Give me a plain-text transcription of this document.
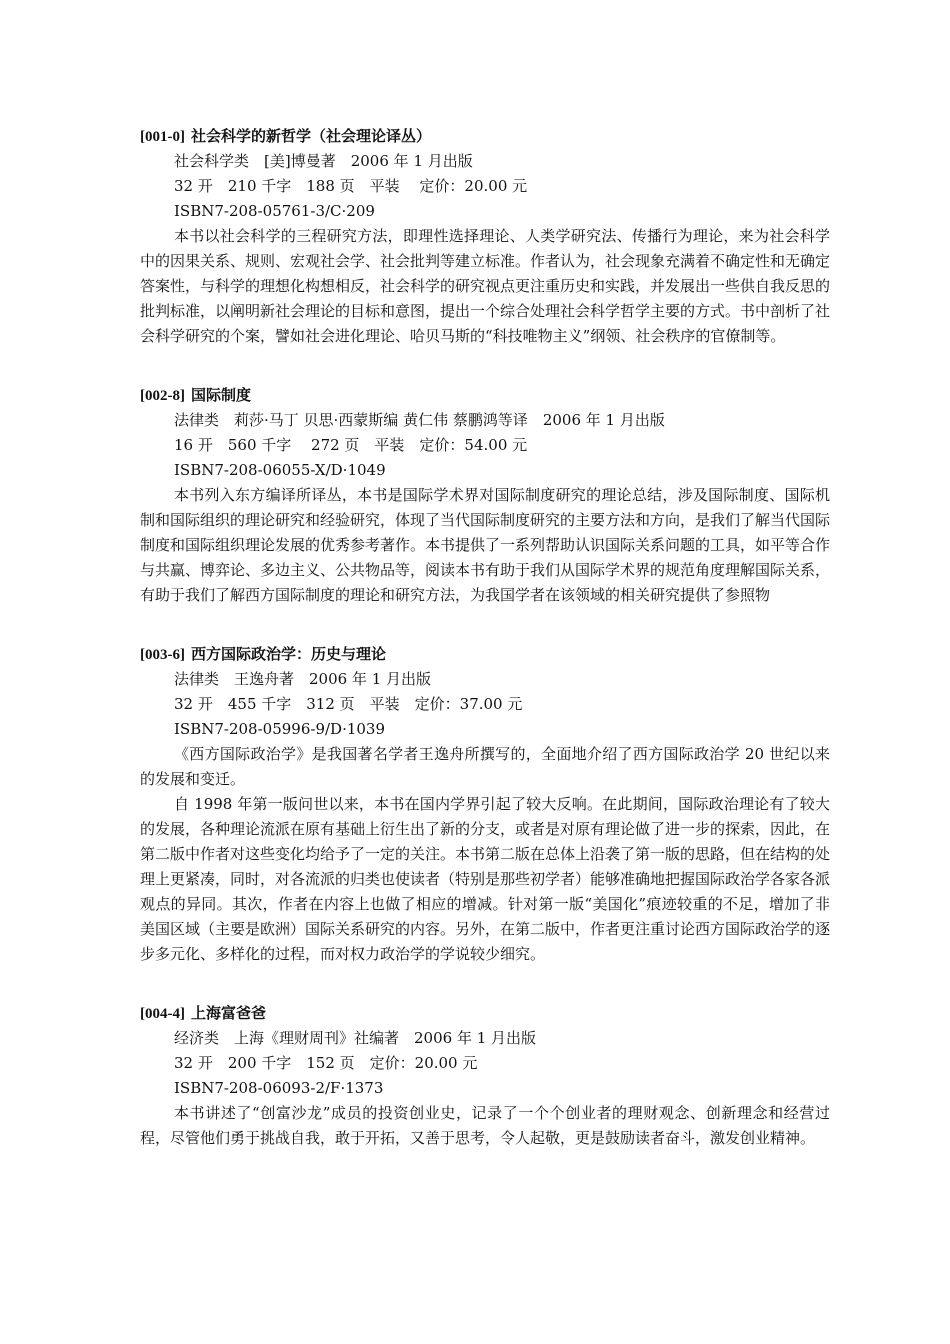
[001-0] 社会科学的新哲学（社会理论译丛）
社会科学类　[美]博曼著　2006 年 1 月出版
32 开　210 千字　188 页　平装　 定价：20.00 元
ISBN7-208-05761-3/C·209

本书以社会科学的三程研究方法，即理性选择理论、人类学研究法、传播行为理论，来为社会科学中的因果关系、规则、宏观社会学、社会批判等建立标准。作者认为，社会现象充满着不确定性和无确定答案性，与科学的理想化构想相反，社会科学的研究视点更注重历史和实践，并发展出一些供自我反思的批判标准，以阐明新社会理论的目标和意图，提出一个综合处理社会科学哲学主要的方式。书中剖析了社会科学研究的个案，譬如社会进化理论、哈贝马斯的“科技唯物主义”纲领、社会秩序的官僚制等。

[002-8] 国际制度
法律类　莉莎·马丁 贝思·西蒙斯编 黄仁伟 蔡鹏鸿等译　2006 年 1 月出版
16 开　560 千字　 272 页　平装　定价：54.00 元
ISBN7-208-06055-X/D·1049

本书列入东方编译所译丛，本书是国际学术界对国际制度研究的理论总结，涉及国际制度、国际机制和国际组织的理论研究和经验研究，体现了当代国际制度研究的主要方法和方向，是我们了解当代国际制度和国际组织理论发展的优秀参考著作。本书提供了一系列帮助认识国际关系问题的工具，如平等合作与共赢、博弈论、多边主义、公共物品等，阅读本书有助于我们从国际学术界的规范角度理解国际关系，有助于我们了解西方国际制度的理论和研究方法，为我国学者在该领域的相关研究提供了参照物

[003-6] 西方国际政治学：历史与理论
法律类　王逸舟著　2006 年 1 月出版
32 开　455 千字　312 页　平装　定价：37.00 元
ISBN7-208-05996-9/D·1039

《西方国际政治学》是我国著名学者王逸舟所撰写的，全面地介绍了西方国际政治学 20 世纪以来的发展和变迁。

自 1998 年第一版问世以来，本书在国内学界引起了较大反响。在此期间，国际政治理论有了较大的发展，各种理论流派在原有基础上衍生出了新的分支，或者是对原有理论做了进一步的探索，因此，在第二版中作者对这些变化均给予了一定的关注。本书第二版在总体上沿袭了第一版的思路，但在结构的处理上更紧凑，同时，对各流派的归类也使读者（特别是那些初学者）能够准确地把握国际政治学各家各派观点的异同。其次，作者在内容上也做了相应的增减。针对第一版“美国化”痕迹较重的不足，增加了非美国区域（主要是欧洲）国际关系研究的内容。另外，在第二版中，作者更注重讨论西方国际政治学的逐步多元化、多样化的过程，而对权力政治学的学说较少细究。

[004-4] 上海富爸爸
经济类　上海《理财周刊》社编著　2006 年 1 月出版
32 开　200 千字　152 页　定价：20.00 元
ISBN7-208-06093-2/F·1373

本书讲述了“创富沙龙”成员的投资创业史，记录了一个个创业者的理财观念、创新理念和经营过程，尽管他们勇于挑战自我，敢于开拓，又善于思考，令人起敬，更是鼓励读者奋斗，激发创业精神。
